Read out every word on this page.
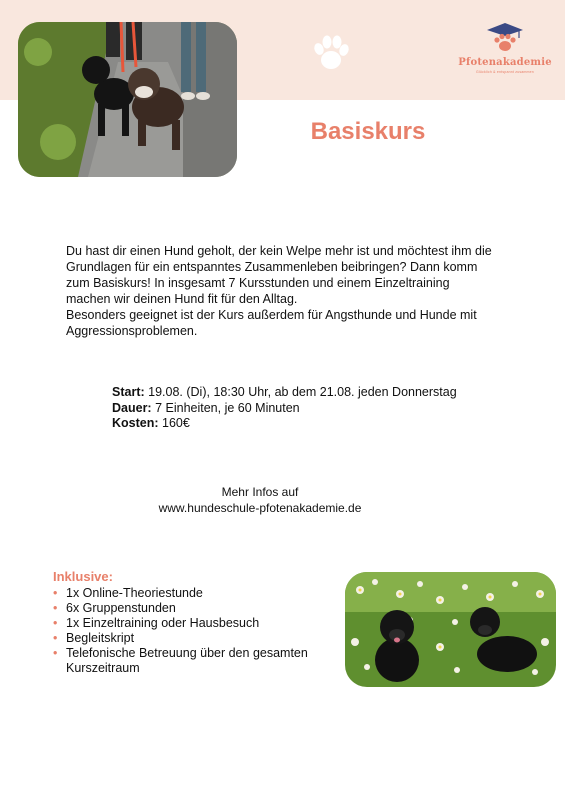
Pfotenakademie
Glücklich & entspannt zusammen
Basiskurs

Du hast dir einen Hund geholt, der kein Welpe mehr ist und möchtest ihm die Grundlagen für ein entspanntes Zusammenleben beibringen? Dann komm zum Basiskurs! In insgesamt 7 Kursstunden und einem Einzeltraining machen wir deinen Hund fit für den Alltag.

Besonders geeignet ist der Kurs außerdem für Angsthunde und Hunde mit Aggressionsproblemen.

Start: 19.08. (Di), 18:30 Uhr, ab dem 21.08. jeden Donnerstag
Dauer: 7 Einheiten, je 60 Minuten
Kosten: 160€
Mehr Infos auf
www.hundeschule-pfotenakademie.de
Inklusive:
• 1x Online-Theoriestunde
• 6x Gruppenstunden
• 1x Einzeltraining oder Hausbesuch
• Begleitskript
• Telefonische Betreuung über den gesamten Kurszeitraum
